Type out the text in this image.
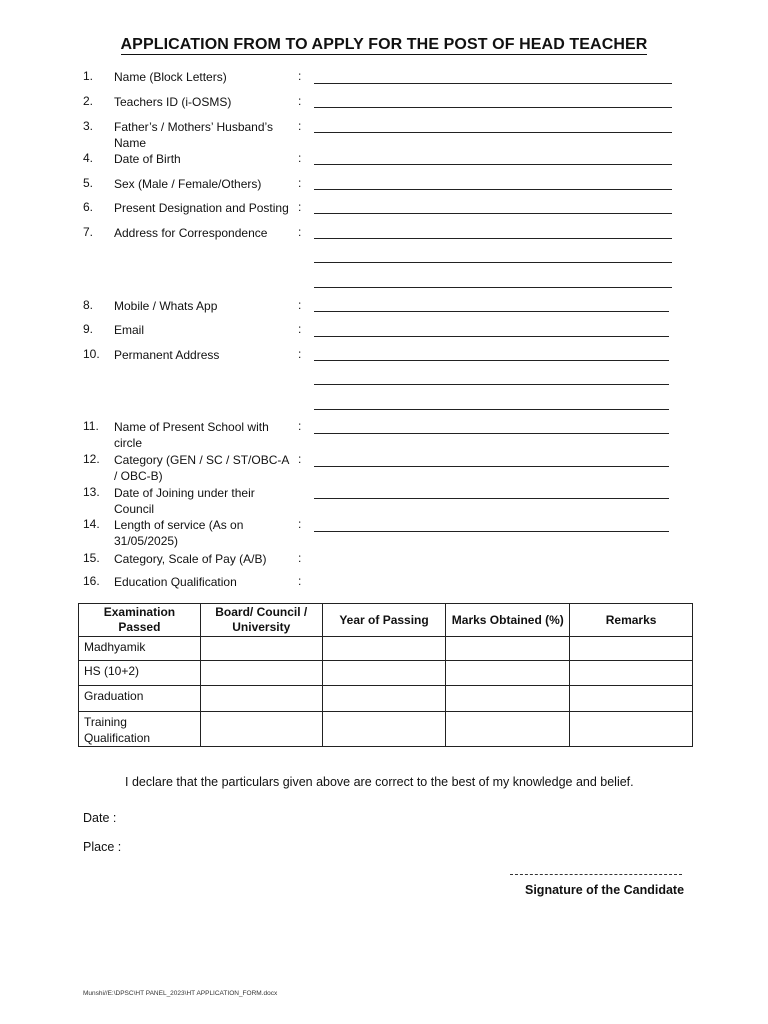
APPLICATION FROM TO APPLY FOR THE POST OF HEAD TEACHER
1. Name (Block Letters)	:
2. Teachers ID (i-OSMS)	:
3. Father’s / Mothers’ Husband’s Name
:
4. Date of Birth	:
5. Sex (Male / Female/Others)	:
6. Present Designation and Posting :
7. Address for Correspondence	:
8. Mobile / Whats App	:
9. Email	:
10. Permanent Address	:
11. Name of Present School with circle
:
12. Category (GEN / SC / ST/OBC-A / OBC-B)
:
13. Date of Joining under their Council
14. Length of service (As on 31/05/2025)
:
15. Category, Scale of Pay (A/B)	:
16. Education Qualification	:
Examination Passed	Board/ Council / University	Year of Passing	Marks Obtained (%)	Remarks
Madhyamik				
HS (10+2)				
Graduation				
Training Qualification				
I declare that the particulars given above are correct to the best of my knowledge and belief.
Date :
Place :
Signature of the Candidate
Munshi//E:\DPSC\HT PANEL_2023\HT APPLICATION_FORM.docx
